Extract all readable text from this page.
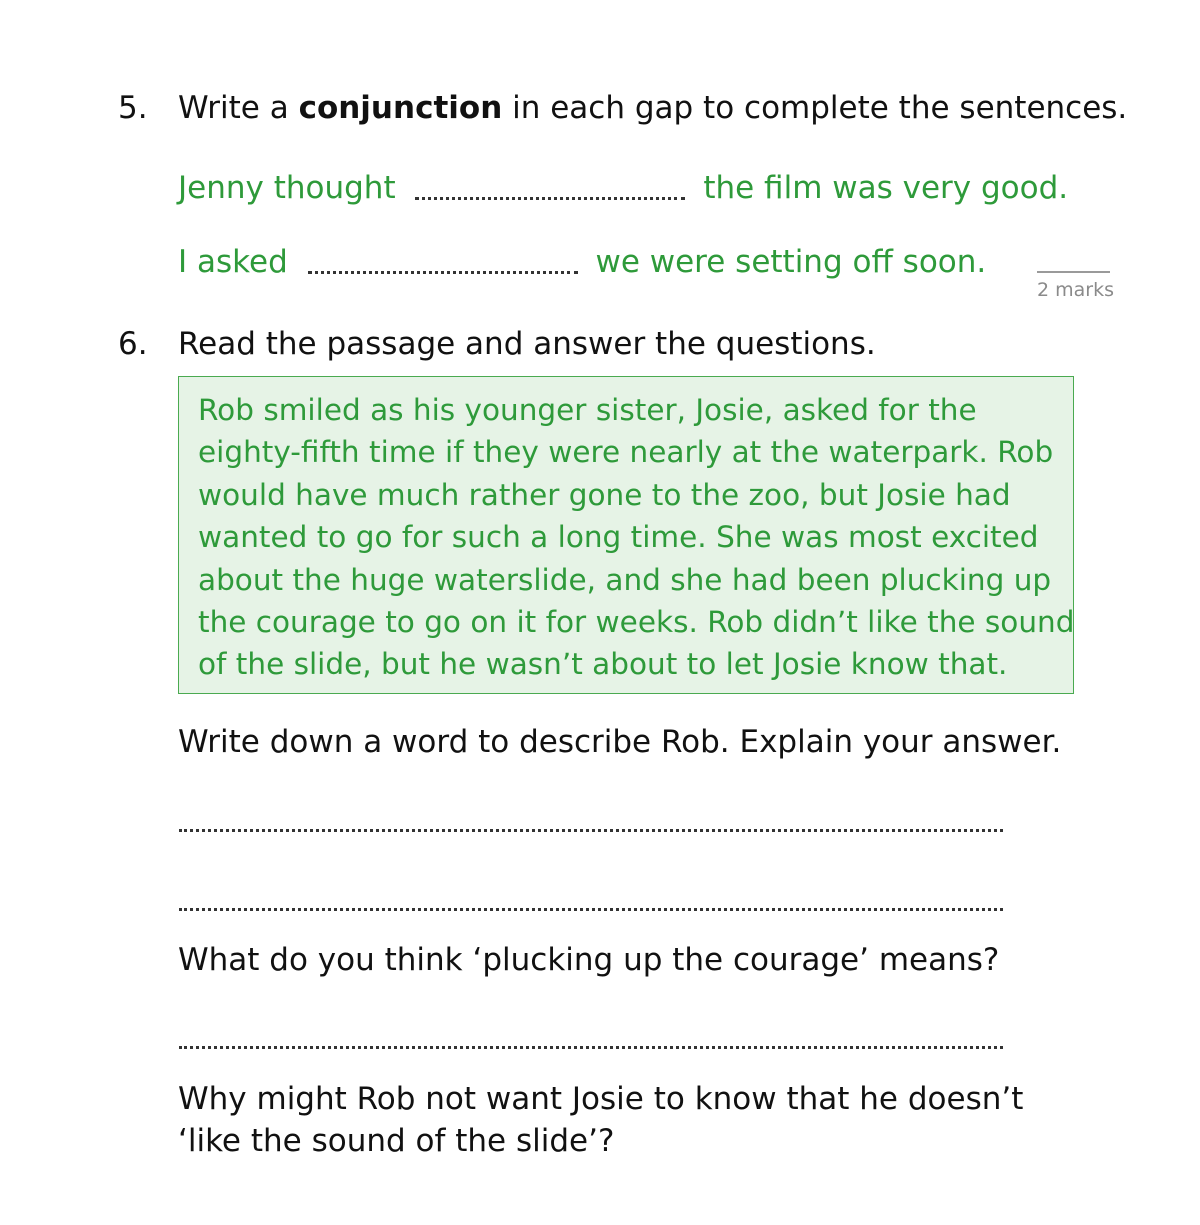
5. Write a conjunction in each gap to complete the sentences.
Jenny thought	the film was very good.
I asked	we were setting off soon.
2 marks
6. Read the passage and answer the questions.
Rob smiled as his younger sister, Josie, asked for the
eighty-fifth time if they were nearly at the waterpark. Rob
would have much rather gone to the zoo, but Josie had
wanted to go for such a long time. She was most excited
about the huge waterslide, and she had been plucking up
the courage to go on it for weeks. Rob didn’t like the sound
of the slide, but he wasn’t about to let Josie know that.
Write down a word to describe Rob. Explain your answer.
What do you think ‘plucking up the courage’ means?
Why might Rob not want Josie to know that he doesn’t
‘like the sound of the slide’?
